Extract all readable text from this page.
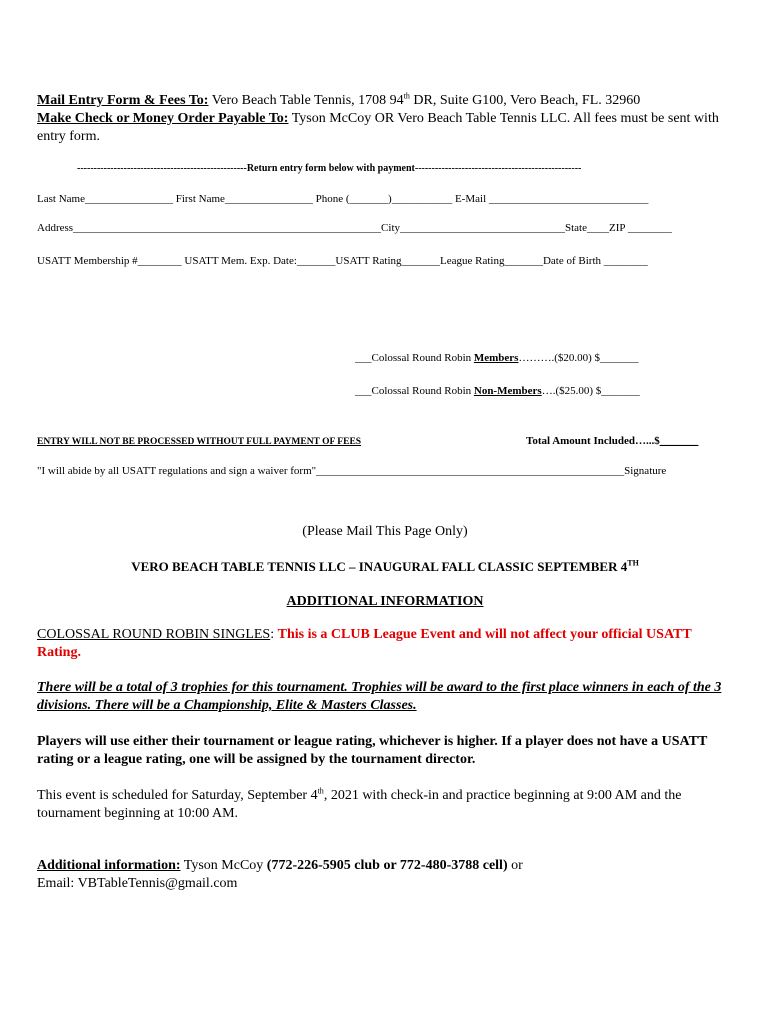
Mail Entry Form & Fees To: Vero Beach Table Tennis, 1708 94th DR, Suite G100, Vero Beach, FL. 32960
Make Check or Money Order Payable To: Tyson McCoy OR Vero Beach Table Tennis LLC. All fees must be sent with entry form.
---------------------------------------------------Return entry form below with payment--------------------------------------------------
Last Name________________ First Name________________ Phone (_______)___________ E-Mail _____________________________
Address________________________________________________________City______________________________State____ZIP ________
USATT Membership #________ USATT Mem. Exp. Date:_______USATT Rating_______League Rating_______Date of Birth ________
___Colossal Round Robin Members……….($20.00) $_______
___Colossal Round Robin Non-Members….($25.00) $_______
ENTRY WILL NOT BE PROCESSED WITHOUT FULL PAYMENT OF FEES	Total Amount Included…...$_______
"I will abide by all USATT regulations and sign a waiver form"________________________________________________________Signature
(Please Mail This Page Only)
VERO BEACH TABLE TENNIS LLC – INAUGURAL FALL CLASSIC SEPTEMBER 4TH
ADDITIONAL INFORMATION
COLOSSAL ROUND ROBIN SINGLES: This is a CLUB League Event and will not affect your official USATT Rating.
There will be a total of 3 trophies for this tournament. Trophies will be award to the first place winners in each of the 3 divisions. There will be a Championship, Elite & Masters Classes.
Players will use either their tournament or league rating, whichever is higher. If a player does not have a USATT rating or a league rating, one will be assigned by the tournament director.
This event is scheduled for Saturday, September 4th, 2021 with check-in and practice beginning at 9:00 AM and the tournament beginning at 10:00 AM.
Additional information: Tyson McCoy (772-226-5905 club or 772-480-3788 cell) or
Email: VBTableTennis@gmail.com
